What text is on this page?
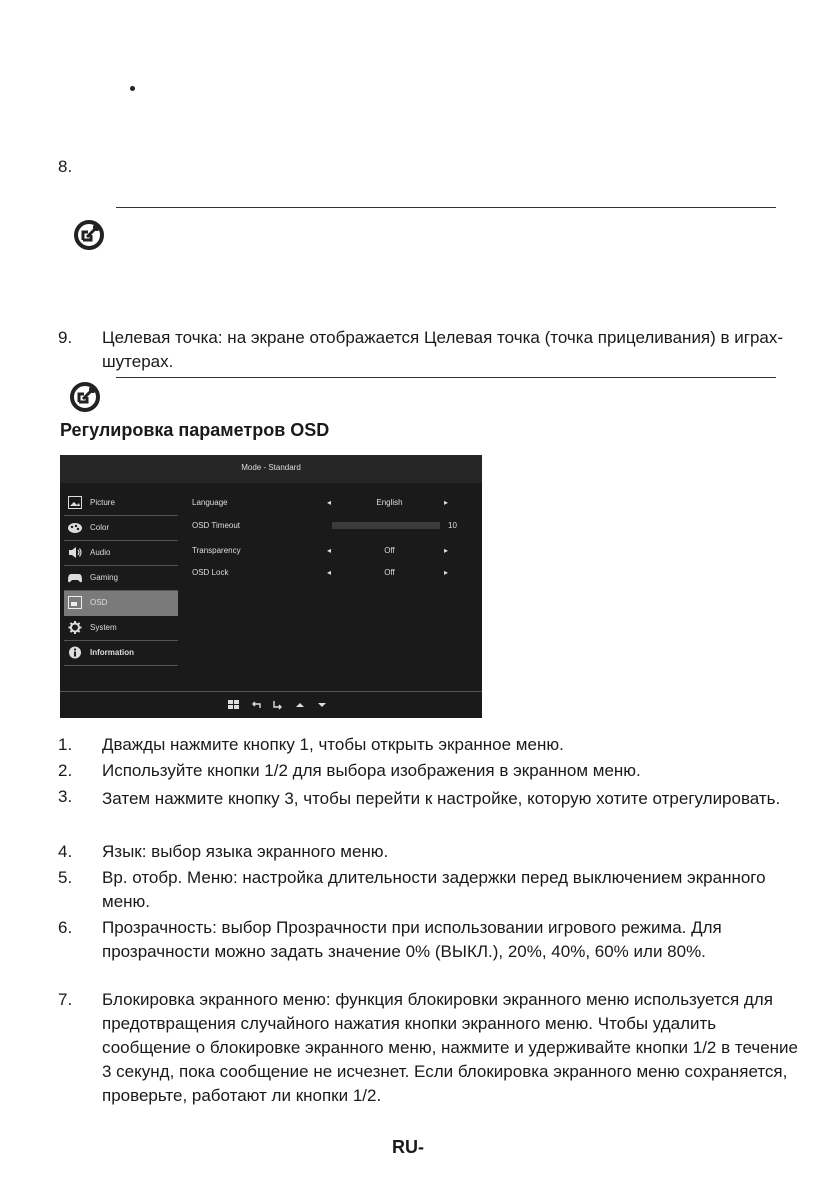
8.
9.	Целевая точка: на экране отображается Целевая точка (точка прицеливания) в играх-шутерах.
Регулировка параметров OSD
Mode - Standard
Picture
Color
Audio
Gaming
OSD
System
Information
Language	◂	English	▸
OSD Timeout	10
Transparency	◂	Off	▸
OSD Lock	◂	Off	▸
1.	Дважды нажмите кнопку 1, чтобы открыть экранное меню.
2.	Используйте кнопки 1/2 для выбора изображения в экранном меню.
3.	Затем нажмите кнопку 3, чтобы перейти к настройке, которую хотите отрегулировать.
4.	Язык: выбор языка экранного меню.
5.	Вр. отобр. Меню: настройка длительности задержки перед выключением экранного меню.
6.	Прозрачность: выбор Прозрачности при использовании игрового режима. Для прозрачности можно задать значение 0% (ВЫКЛ.), 20%, 40%, 60% или 80%.
7.	Блокировка экранного меню: функция блокировки экранного меню используется для предотвращения случайного нажатия кнопки экранного меню. Чтобы удалить сообщение о блокировке экранного меню, нажмите и удерживайте кнопки 1/2 в течение 3 секунд, пока сообщение не исчезнет. Если блокировка экранного меню сохраняется, проверьте, работают ли кнопки 1/2.
RU-
